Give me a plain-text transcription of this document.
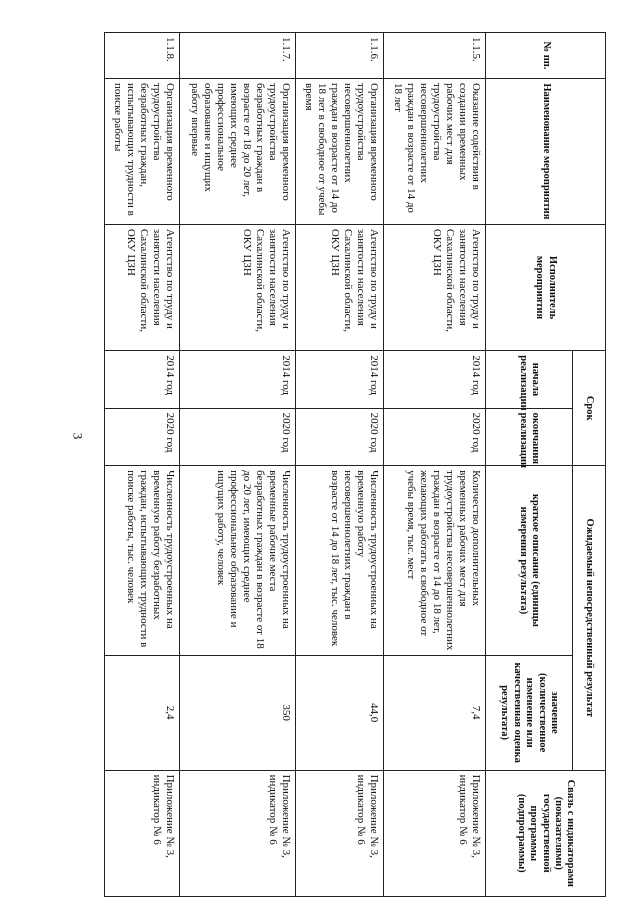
3
№ пп.	Наименование мероприятия	Исполнитель мероприятия	Срок		Ожидаемый непосредственный результат		Связь с индикаторами (показателями) государственной программы (подпрограммы)
			начала реализации	окончания реализации	краткое описание (единицы измерения результата)	значение (количественное изменение или качественная оценка результата)	
1.1.5.	Оказание содействия в создании временных рабочих мест для трудоустройства несовершеннолетних граждан в возрасте от 14 до 18 лет	Агентство по труду и занятости населения Сахалинской области, ОКУ ЦЗН	2014 год	2020 год	Количество дополнительных временных рабочих мест для трудоустройства несовершеннолетних граждан в возрасте от 14 до 18 лет, желающих работать в свободное от учебы время, тыс. мест	7,4	Приложение № 3, индикатор № 6
1.1.6.	Организация временного трудоустройства несовершеннолетних граждан в возрасте от 14 до 18 лет в свободное от учебы время	Агентство по труду и занятости населения Сахалинской области, ОКУ ЦЗН	2014 год	2020 год	Численность трудоустроенных на временную работу несовершеннолетних граждан в возрасте от 14 до 18 лет, тыс. человек	44,0	Приложение № 3, индикатор № 6
1.1.7.	Организация временного трудоустройства безработных граждан в возрасте от 18 до 20 лет, имеющих среднее профессиональное образование и ищущих работу впервые	Агентство по труду и занятости населения Сахалинской области, ОКУ ЦЗН	2014 год	2020 год	Численность трудоустроенных на временные рабочие места безработных граждан в возрасте от 18 до 20 лет, имеющих среднее профессиональное образование и ищущих работу, человек	350	Приложение № 3, индикатор № 6
1.1.8.	Организация временного трудоустройства безработных граждан, испытывающих трудности в поиске работы	Агентство по труду и занятости населения Сахалинской области, ОКУ ЦЗН	2014 год	2020 год	Численность трудоустроенных на временную работу безработных граждан, испытывающих трудности в поиске работы, тыс. человек	2,4	Приложение № 3, индикатор № 6
